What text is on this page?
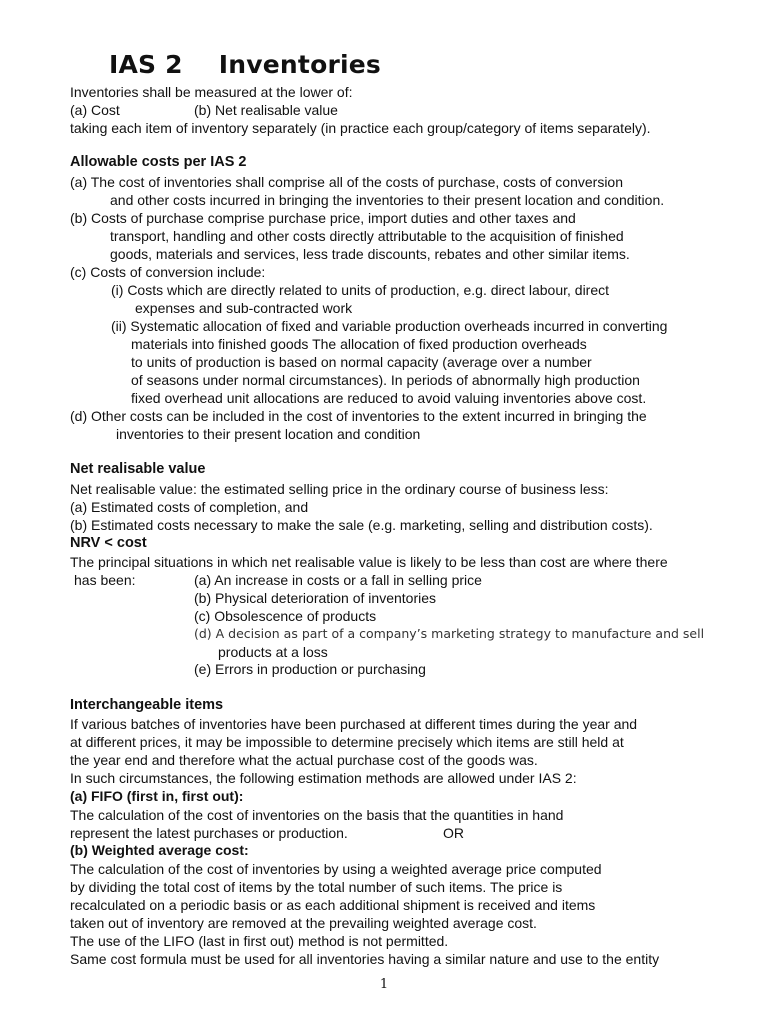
IAS 2 Inventories
Inventories shall be measured at the lower of:
(a) Cost	(b) Net realisable value
taking each item of inventory separately (in practice each group/category of items separately).
Allowable costs per IAS 2
(a) The cost of inventories shall comprise all of the costs of purchase, costs of conversion
and other costs incurred in bringing the inventories to their present location and condition.
(b) Costs of purchase comprise purchase price, import duties and other taxes and
transport, handling and other costs directly attributable to the acquisition of finished
goods, materials and services, less trade discounts, rebates and other similar items.
(c) Costs of conversion include:
(i) Costs which are directly related to units of production, e.g. direct labour, direct
expenses and sub-contracted work
(ii) Systematic allocation of fixed and variable production overheads incurred in converting
materials into finished goods The allocation of fixed production overheads
to units of production is based on normal capacity (average over a number
of seasons under normal circumstances). In periods of abnormally high production
fixed overhead unit allocations are reduced to avoid valuing inventories above cost.
(d) Other costs can be included in the cost of inventories to the extent incurred in bringing the
inventories to their present location and condition
Net realisable value
Net realisable value: the estimated selling price in the ordinary course of business less:
(a) Estimated costs of completion, and
(b) Estimated costs necessary to make the sale (e.g. marketing, selling and distribution costs).
NRV < cost
The principal situations in which net realisable value is likely to be less than cost are where there
has been:	(a) An increase in costs or a fall in selling price
(b) Physical deterioration of inventories
(c) Obsolescence of products
(d) A decision as part of a company’s marketing strategy to manufacture and sell
products at a loss
(e) Errors in production or purchasing
Interchangeable items
If various batches of inventories have been purchased at different times during the year and
at different prices, it may be impossible to determine precisely which items are still held at
the year end and therefore what the actual purchase cost of the goods was.
In such circumstances, the following estimation methods are allowed under IAS 2:
(a) FIFO (first in, first out):
The calculation of the cost of inventories on the basis that the quantities in hand
represent the latest purchases or production.	OR
(b) Weighted average cost:
The calculation of the cost of inventories by using a weighted average price computed
by dividing the total cost of items by the total number of such items. The price is
recalculated on a periodic basis or as each additional shipment is received and items
taken out of inventory are removed at the prevailing weighted average cost.
The use of the LIFO (last in first out) method is not permitted.
Same cost formula must be used for all inventories having a similar nature and use to the entity
1
